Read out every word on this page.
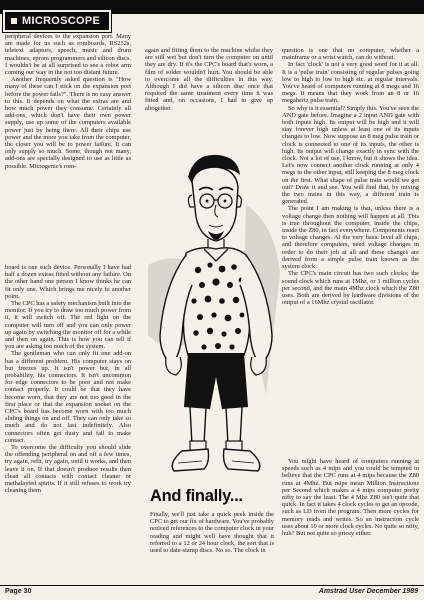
MICROSCOPE

peripheral devices to the expansion port. Many are made for us such as romboards, RS232s, teletext adaptors, speech, music and drum machines, eprom programmers and silicon discs. I wouldn't be at all surprised to see a robot arm coming our way in the not too distant future.

Another frequently asked question is "How many of these can I stick on the expansion port before the power fails?". There is no easy answer to this. It depends on what the extras are and how much power they consume. Certainly all add-ons, which don't have their own power supply, use up some of the computers available power just by being there. All their chips use power and the more you take from the computer, the closer you will be to power failure. It can only supply so much. Some, though not many, add-ons are specially designed to use as little as possible. Microgenic's rom-

board is one such device. Personally I have had half a dozen extras fitted without any failure. On the other hand one person I know thinks he can fit only one. Which brings me nicely to another point.

The CPC has a safety mechanism built into the monitor. If you try to draw too much power from it, it will switch off. The red light on the computer will turn off and you can only power up again by switching the monitor off for a while and then on again. This is how you can tell if you are asking too much of the system.

The gentleman who can only fit one add-on has a different problem. His computer stays on but freezes up. It isn't power but, in all probability, his connectors. It isn't uncommon for edge connectors to be poor and not make contact properly. It could be that they have become worn, that they are not too good in the first place or that the expansion socket on the CPC's board has become worn with too much sliding things on and off. They can only take so much and do not last indefinitely. Also connectors often get dusty and fail to make contact.

To overcome the difficulty you should slide the offending peripheral on and off a few times, try again, refit, try again, until it works, and then leave it on. If that doesn't produce results then clean all contacts with contact cleaner or methalayted spirits. If it still refuses to work try cleaning them

again and fitting them to the machine whilst they are still wet but don't turn the computer on until they are dry. If it's the CPC's board that's worn, a film of solder wouldn't hurt. You should be able to overcome all the difficulties in this way. Although I did have a silicon disc once that required the same treatment every time it was fitted and, on occasions, I had to give up altogether.

And finally...

Finally, we'll just take a quick peek inside the CPC to get our fix of hardware. You've probably noticed references to the computer clock in your reading and might well have thought that it referred to a 12 or 24 hour clock, the sort that is used to date-stamp discs. No so. The clock in

question is one that no computer, whether a mainframe or a wrist watch, can do without.

In fact 'clock' is not a very good word for it at all. It is a 'pulse train' consisting of regular pulses going low to high to low to high etc. at regular intervals. You've heard of computers running at 8 megs and 16 megs. It means that they work from an 8 or 16 megahertz pulse train.

So why is it essential? Simply this. You've seen the AND gate before. Imagine a 2 input AND gate with both inputs high. Its output will be high and it will stay forever high unless at least one of its inputs changes to low. Now suppose an 8 meg pulse train or clock is connected to one of its inputs, the other is high. Its output will change exactly in sync with the clock. Not a lot of use, I know, but it shows the idea. Let's now connect another clock running at only 4 megs to the other input, still keeping the 8 meg clock on the first. What shape of pulse train would we get out? Draw it and see. You will find that, by mixing the two trains in this way, a different train is generated.

The point I am making is that, unless there is a voltage change then nothing will happen at all. This is true throughout the computer, inside the chips, inside the Z80, in fact everywhere. Components react to voltage changes. At the very basic level all chips, and therefore computers, need voltage changes in order to do their job at all and these changes are derived from a simple pulse train known as the system clock.

The CPC's main circuit has two such clocks; the sound clock which runs at 1Mhz, or 1 million cycles per second, and the main 4Mhz clock which the Z80 uses. Both are derived by hardware divisions of the output of a 16Mhz crystal oscillator.

You might have heard of computers running at speeds such as 4 mips and you could be tempted to believe that the CPC runs at 4 mips because the Z80 runs at 4Mhz. But mips mean Million Instructions per Second which makes a 4 mips computer pretty nifty to say the least. The 4 Mhz Z80 isn't quite that quick. In fact it takes 4 clock cycles to get an opcode, such as LD from the program. Then more cycles for memory reads and writes. So an instruction cycle uses about 10 or more clock cycles. No quite so nifty, huh? But not quite so pricey either.

Page 30	Amstrad User December 1989
